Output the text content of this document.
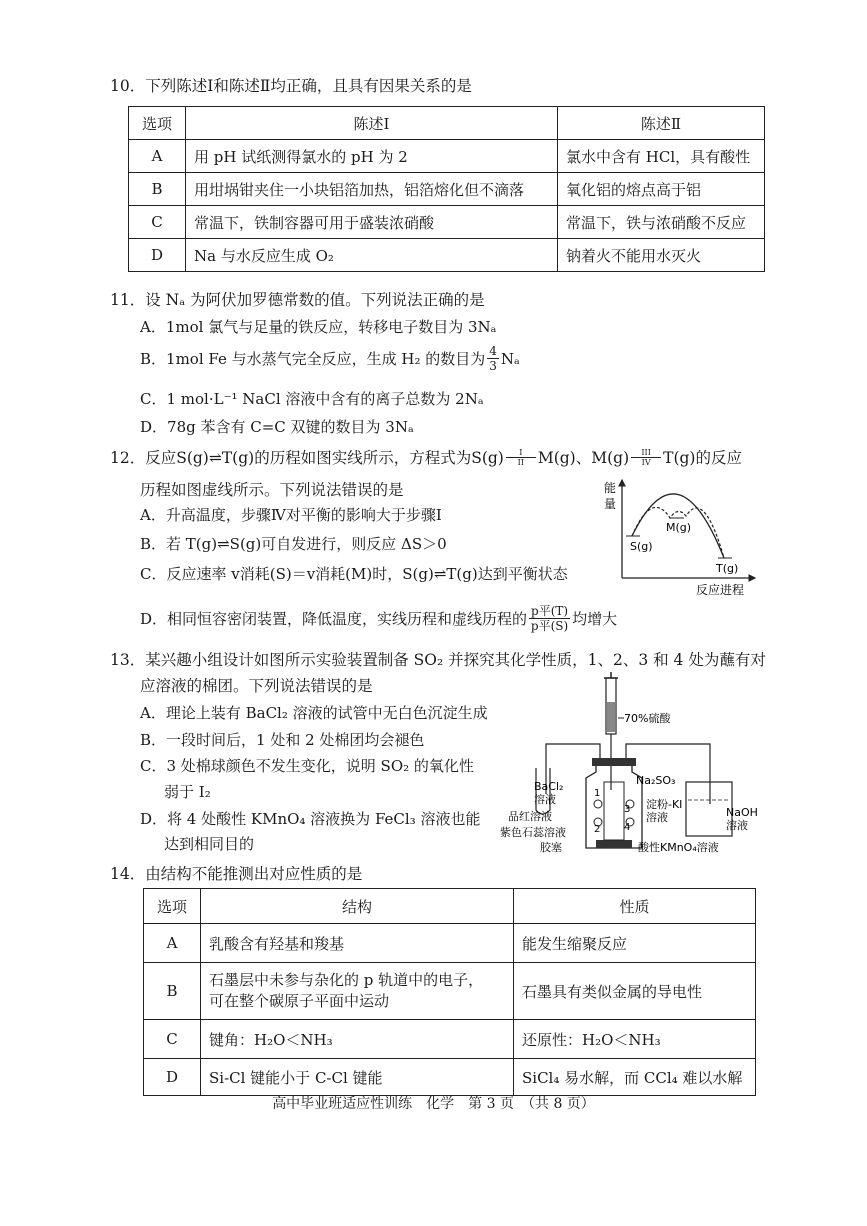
10．下列陈述Ⅰ和陈述Ⅱ均正确，且具有因果关系的是
选项	陈述Ⅰ	陈述Ⅱ
A	用 pH 试纸测得氯水的 pH 为 2	氯水中含有 HCl，具有酸性
B	用坩埚钳夹住一小块铝箔加热，铝箔熔化但不滴落	氧化铝的熔点高于铝
C	常温下，铁制容器可用于盛装浓硝酸	常温下，铁与浓硝酸不反应
D	Na 与水反应生成 O₂	钠着火不能用水灭火
11．设 Nₐ 为阿伏加罗德常数的值。下列说法正确的是
A．1mol 氯气与足量的铁反应，转移电子数目为 3Nₐ
B．1mol Fe 与水蒸气完全反应，生成 H₂ 的数目为 $\frac{4}{3}$ Nₐ
C．1 mol·L⁻¹ NaCl 溶液中含有的离子总数为 2Nₐ
D．78g 苯含有 C=C 双键的数目为 3Nₐ
12．反应S(g)⇌T(g)的历程如图实线所示，方程式为$S(g) \frac{I}{II} M(g)$、$M(g) \frac{\text{III}}{IV} T(g)$的反应
历程如图虚线所示。下列说法错误的是
A．升高温度，步骤Ⅳ对平衡的影响大于步骤Ⅰ
B．若 T(g)⇌S(g)可自发进行，则反应 ΔS＞0
C．反应速率 v消耗(S)＝v消耗(M)时，S(g)⇌T(g)达到平衡状态
D．相同恒容密闭装置，降低温度，实线历程和虚线历程的 $\frac{\text{p平(T)}}{\text{p平(S)}}$ 均增大
能
量
S(g)
M(g)
T(g)
反应进程
13．某兴趣小组设计如图所示实验装置制备 SO₂ 并探究其化学性质，1、2、3 和 4 处为蘸有对
应溶液的棉团。下列说法错误的是
A．理论上装有 BaCl₂ 溶液的试管中无白色沉淀生成
B．一段时间后，1 处和 2 处棉团均会褪色
C．3 处棉球颜色不发生变化，说明 SO₂ 的氧化性
弱于 I₂
D．将 4 处酸性 KMnO₄ 溶液换为 FeCl₃ 溶液也能
达到相同目的
70%硫酸
1
2
3
4
BaCl₂
溶液
NaOH
溶液
Na₂SO₃
淀粉-KI
溶液
品红溶液
紫色石蕊溶液
胶塞	酸性KMnO₄溶液
14．由结构不能推测出对应性质的是
选项	结构	性质
A	乳酸含有羟基和羧基	能发生缩聚反应
B	石墨层中未参与杂化的 p 轨道中的电子，
可在整个碳原子平面中运动	石墨具有类似金属的导电性
C	键角：H₂O＜NH₃	还原性：H₂O＜NH₃
D	Si-Cl 键能小于 C-Cl 键能	SiCl₄ 易水解，而 CCl₄ 难以水解
高中毕业班适应性训练　化学　第 3 页　（共 8 页）
